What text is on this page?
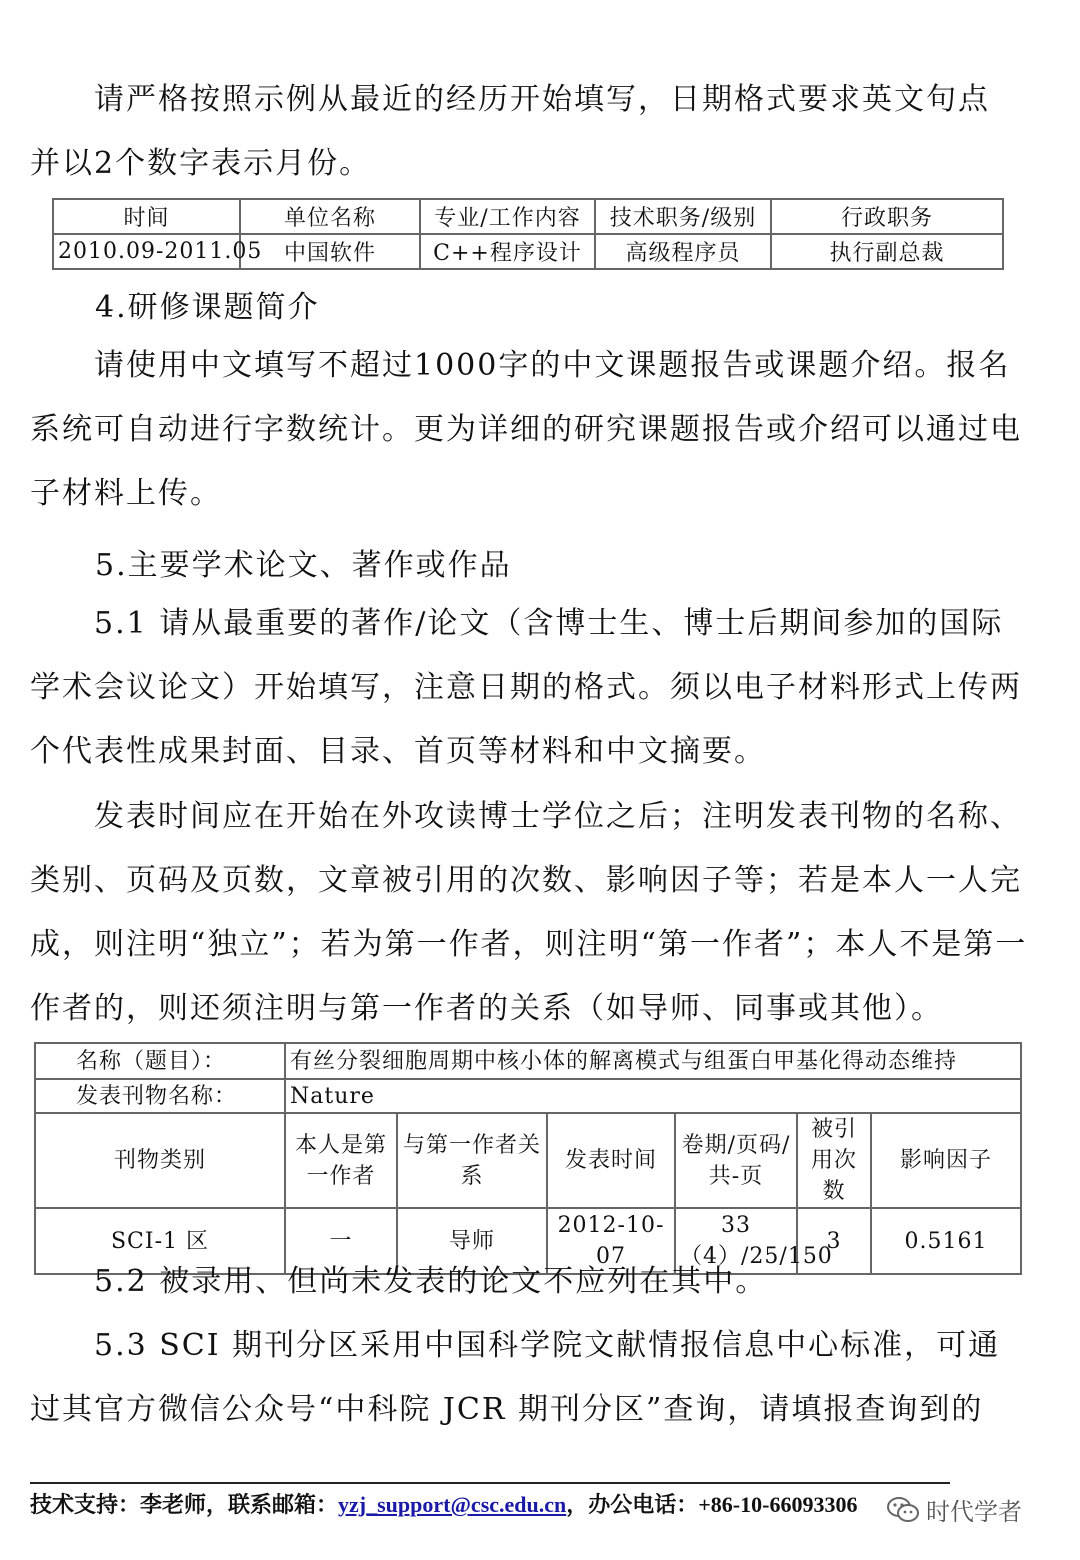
请严格按照示例从最近的经历开始填写，日期格式要求英文句点
并以2个数字表示月份。

时间	单位名称	专业/工作内容	技术职务/级别	行政职务
2010.09-2011.05	中国软件	C++程序设计	高级程序员	执行副总裁

4.研修课题简介

请使用中文填写不超过1000字的中文课题报告或课题介绍。报名系统可自动进行字数统计。更为详细的研究课题报告或介绍可以通过电子材料上传。

5.主要学术论文、著作或作品

5.1 请从最重要的著作/论文（含博士生、博士后期间参加的国际学术会议论文）开始填写，注意日期的格式。须以电子材料形式上传两个代表性成果封面、目录、首页等材料和中文摘要。

发表时间应在开始在外攻读博士学位之后；注明发表刊物的名称、类别、页码及页数，文章被引用的次数、影响因子等；若是本人一人完成，则注明“独立”；若为第一作者，则注明“第一作者”；本人不是第一作者的，则还须注明与第一作者的关系（如导师、同事或其他）。

名称（题目）：	有丝分裂细胞周期中核小体的解离模式与组蛋白甲基化得动态维持					
发表刊物名称：	Nature					
刊物类别	本人是第一作者	与第一作者关系	发表时间	卷期/页码/共-页	被引用次数	影响因子
SCI-1 区	一	导师	2012-10-07	33（4）/25/150	3	0.5161

5.2 被录用、但尚未发表的论文不应列在其中。

5.3 SCI 期刊分区采用中国科学院文献情报信息中心标准，可通过其官方微信公众号“中科院 JCR 期刊分区”查询，请填报查询到的

技术支持：李老师，联系邮箱：yzj_support@csc.edu.cn，办公电话：+86-10-66093306	时代学者
